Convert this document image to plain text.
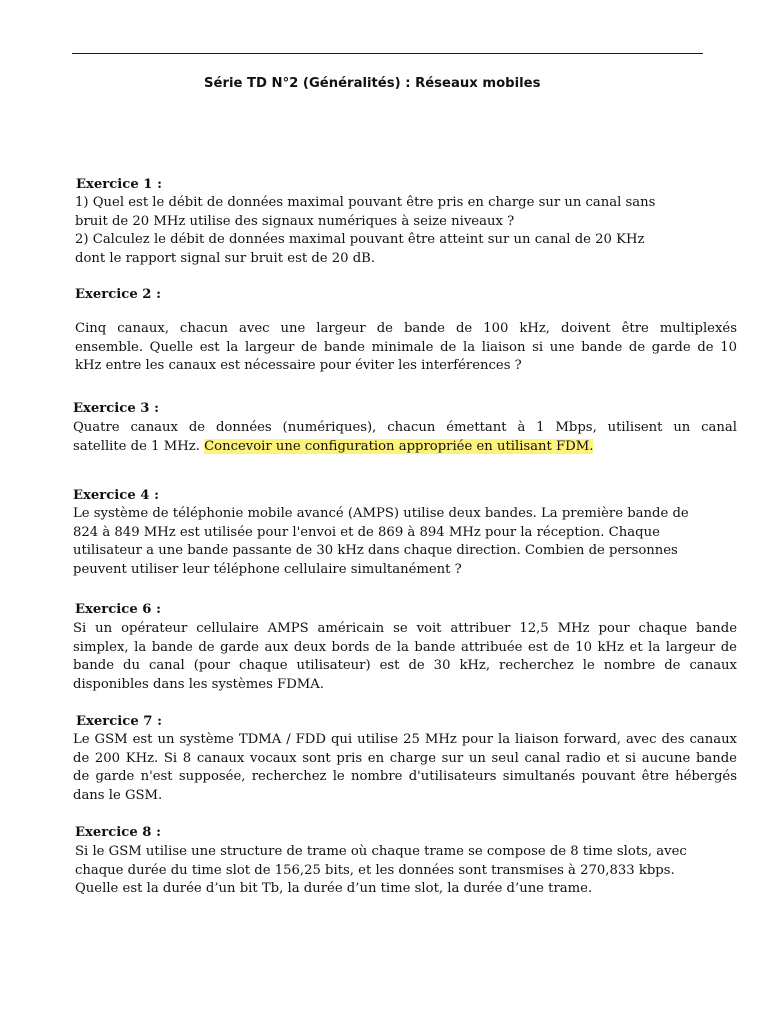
Série TD N°2 (Généralités) : Réseaux mobiles
Exercice 1 :
1) Quel est le débit de données maximal pouvant être pris en charge sur un canal sans
bruit de 20 MHz utilise des signaux numériques à seize niveaux ?
2) Calculez le débit de données maximal pouvant être atteint sur un canal de 20 KHz
dont le rapport signal sur bruit est de 20 dB.
Exercice 2 :
Cinq canaux, chacun avec une largeur de bande de 100 kHz, doivent être multiplexés
ensemble. Quelle est la largeur de bande minimale de la liaison si une bande de garde de 10
kHz entre les canaux est nécessaire pour éviter les interférences ?
Exercice 3 :
Quatre canaux de données (numériques), chacun émettant à 1 Mbps, utilisent un canal
satellite de 1 MHz. Concevoir une configuration appropriée en utilisant FDM.
Exercice 4 :
Le système de téléphonie mobile avancé (AMPS) utilise deux bandes. La première bande de
824 à 849 MHz est utilisée pour l'envoi et de 869 à 894 MHz pour la réception. Chaque
utilisateur a une bande passante de 30 kHz dans chaque direction. Combien de personnes
peuvent utiliser leur téléphone cellulaire simultanément ?
Exercice 6 :
Si un opérateur cellulaire AMPS américain se voit attribuer 12,5 MHz pour chaque bande
simplex, la bande de garde aux deux bords de la bande attribuée est de 10 kHz et la largeur de
bande du canal (pour chaque utilisateur) est de 30 kHz, recherchez le nombre de canaux
disponibles dans les systèmes FDMA.
Exercice 7 :
Le GSM est un système TDMA / FDD qui utilise 25 MHz pour la liaison forward, avec des canaux
de 200 KHz. Si 8 canaux vocaux sont pris en charge sur un seul canal radio et si aucune bande
de garde n'est supposée, recherchez le nombre d'utilisateurs simultanés pouvant être hébergés
dans le GSM.
Exercice 8 :
Si le GSM utilise une structure de trame où chaque trame se compose de 8 time slots, avec
chaque durée du time slot de 156,25 bits, et les données sont transmises à 270,833 kbps.
Quelle est la durée d’un bit Tb, la durée d’un time slot, la durée d’une trame.
